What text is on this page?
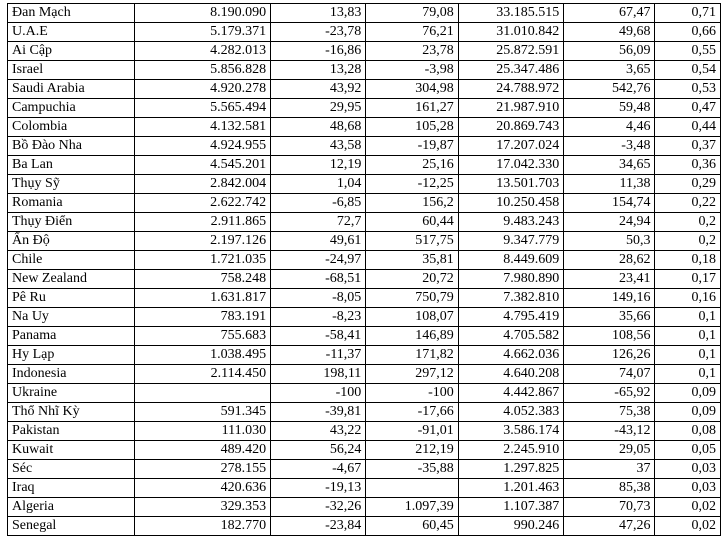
Đan Mạch	8.190.090	13,83	79,08	33.185.515	67,47	0,71
U.A.E	5.179.371	-23,78	76,21	31.010.842	49,68	0,66
Ai Cập	4.282.013	-16,86	23,78	25.872.591	56,09	0,55
Israel	5.856.828	13,28	-3,98	25.347.486	3,65	0,54
Saudi Arabia	4.920.278	43,92	304,98	24.788.972	542,76	0,53
Campuchia	5.565.494	29,95	161,27	21.987.910	59,48	0,47
Colombia	4.132.581	48,68	105,28	20.869.743	4,46	0,44
Bồ Đào Nha	4.924.955	43,58	-19,87	17.207.024	-3,48	0,37
Ba Lan	4.545.201	12,19	25,16	17.042.330	34,65	0,36
Thụy Sỹ	2.842.004	1,04	-12,25	13.501.703	11,38	0,29
Romania	2.622.742	-6,85	156,2	10.250.458	154,74	0,22
Thụy Điển	2.911.865	72,7	60,44	9.483.243	24,94	0,2
Ấn Độ	2.197.126	49,61	517,75	9.347.779	50,3	0,2
Chile	1.721.035	-24,97	35,81	8.449.609	28,62	0,18
New Zealand	758.248	-68,51	20,72	7.980.890	23,41	0,17
Pê Ru	1.631.817	-8,05	750,79	7.382.810	149,16	0,16
Na Uy	783.191	-8,23	108,07	4.795.419	35,66	0,1
Panama	755.683	-58,41	146,89	4.705.582	108,56	0,1
Hy Lạp	1.038.495	-11,37	171,82	4.662.036	126,26	0,1
Indonesia	2.114.450	198,11	297,12	4.640.208	74,07	0,1
Ukraine		-100	-100	4.442.867	-65,92	0,09
Thổ Nhĩ Kỳ	591.345	-39,81	-17,66	4.052.383	75,38	0,09
Pakistan	111.030	43,22	-91,01	3.586.174	-43,12	0,08
Kuwait	489.420	56,24	212,19	2.245.910	29,05	0,05
Séc	278.155	-4,67	-35,88	1.297.825	37	0,03
Iraq	420.636	-19,13		1.201.463	85,38	0,03
Algeria	329.353	-32,26	1.097,39	1.107.387	70,73	0,02
Senegal	182.770	-23,84	60,45	990.246	47,26	0,02
